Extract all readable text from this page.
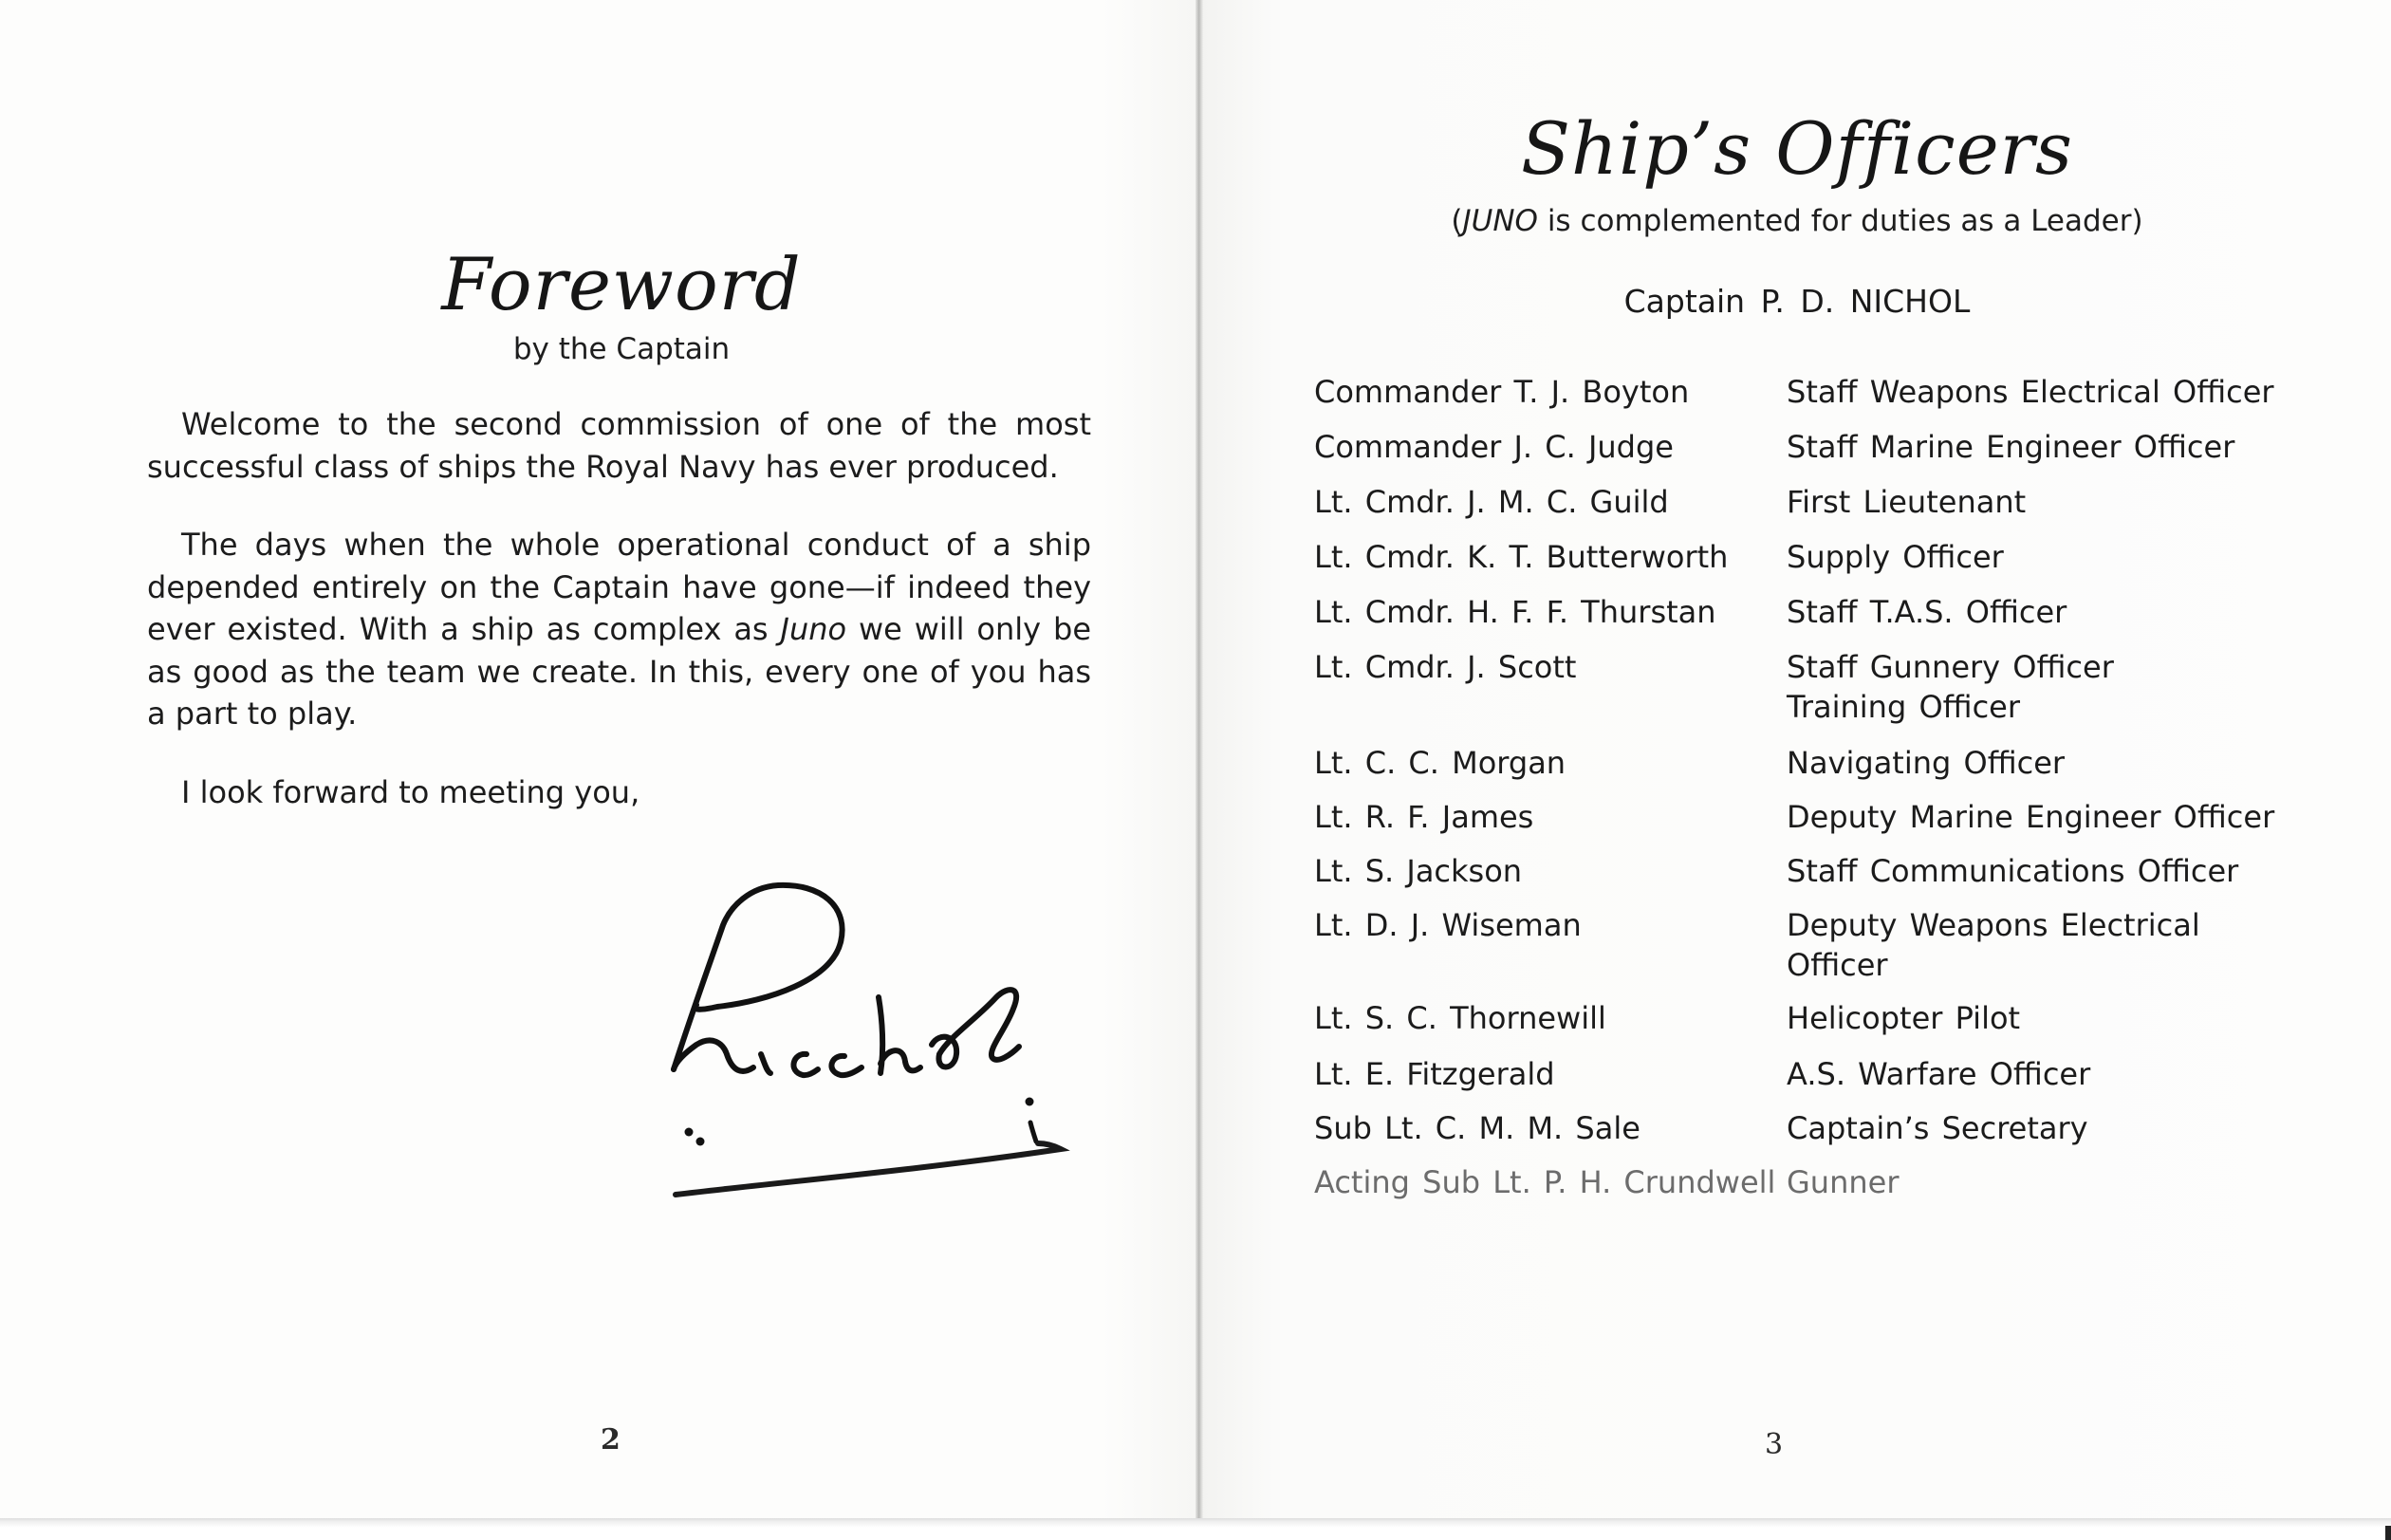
Foreword
by the Captain

Welcome to the second commission of one of the most successful class of ships the Royal Navy has ever produced.

The days when the whole operational conduct of a ship depended entirely on the Captain have gone—if indeed they ever existed. With a ship as complex as Juno we will only be as good as the team we create. In this, every one of you has a part to play.

I look forward to meeting you,

2
Ship’s Officers
(JUNO is complemented for duties as a Leader)
Captain P. D. NICHOL
Commander T. J. Boyton	Staff Weapons Electrical Officer
Commander J. C. Judge	Staff Marine Engineer Officer
Lt. Cmdr. J. M. C. Guild	First Lieutenant
Lt. Cmdr. K. T. Butterworth	Supply Officer
Lt. Cmdr. H. F. F. Thurstan	Staff T.A.S. Officer
Lt. Cmdr. J. Scott	Staff Gunnery Officer
Training Officer
Lt. C. C. Morgan	Navigating Officer
Lt. R. F. James	Deputy Marine Engineer Officer
Lt. S. Jackson	Staff Communications Officer
Lt. D. J. Wiseman	Deputy Weapons Electrical
Officer
Lt. S. C. Thornewill	Helicopter Pilot
Lt. E. Fitzgerald	A.S. Warfare Officer
Sub Lt. C. M. M. Sale	Captain’s Secretary
Acting Sub Lt. P. H. Crundwell Gunner
3
